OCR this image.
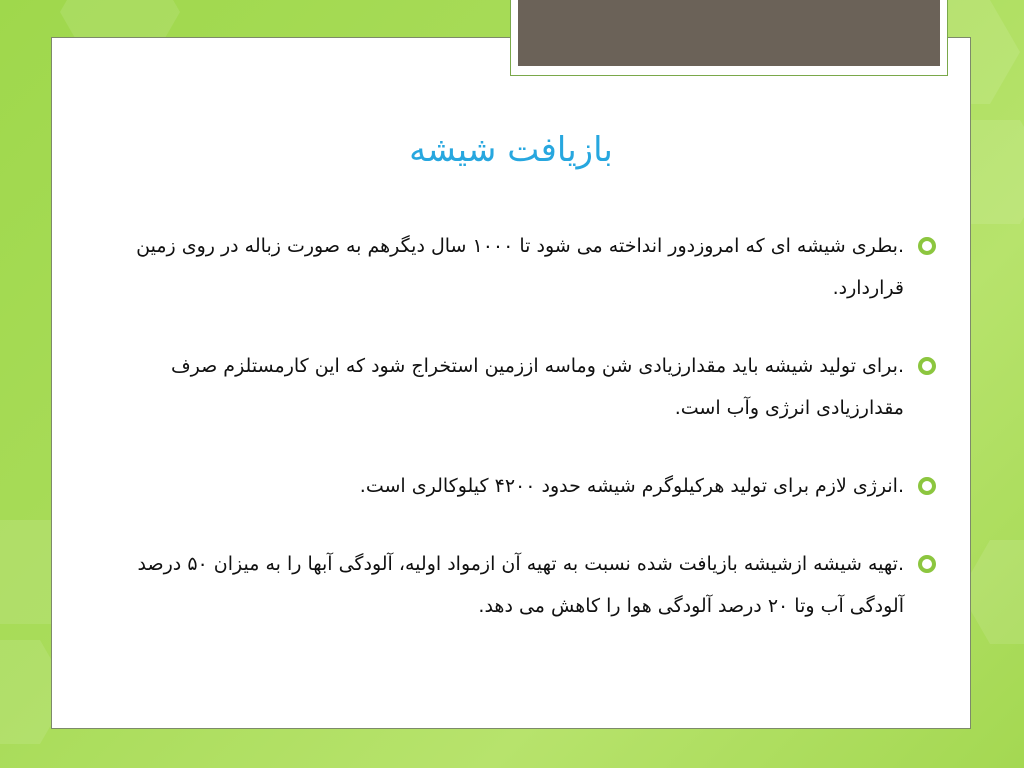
بازیافت شیشه
.بطری شیشه ای که امروزدور انداخته می شود تا ۱۰۰۰ سال دیگرهم به صورت زباله در روی زمین قراردارد.
.برای تولید شیشه باید مقدارزیادی شن وماسه اززمین استخراج شود که این کارمستلزم صرف مقدارزیادی انرژی وآب است.
.انرژی لازم برای تولید هرکیلوگرم شیشه حدود ۴۲۰۰ کیلوکالری است.
.تهیه شیشه ازشیشه بازیافت شده نسبت به تهیه آن ازمواد اولیه، آلودگی آبها را به میزان ۵۰ درصد آلودگی آب وتا ۲۰ درصد آلودگی هوا را کاهش می دهد.
